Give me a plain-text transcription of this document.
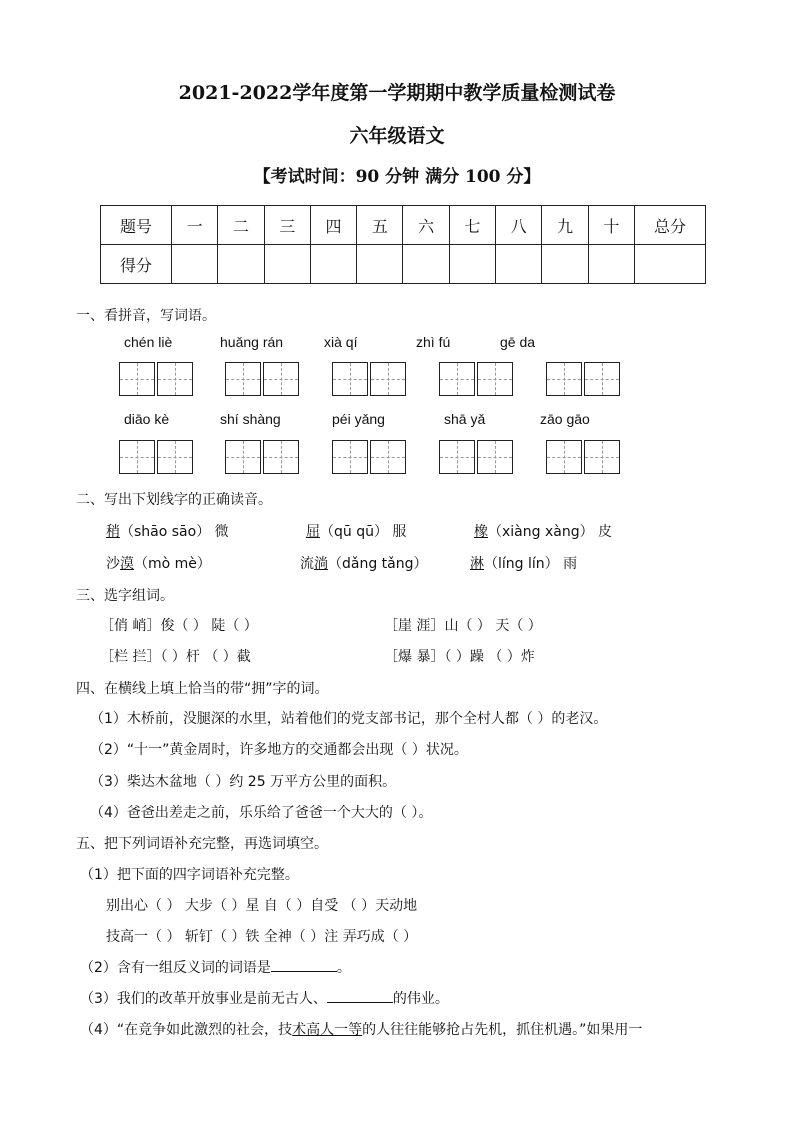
2021-2022学年度第一学期期中教学质量检测试卷
六年级语文
【考试时间：90 分钟 满分 100 分】
题号	一	二	三	四	五	六	七	八	九	十	总分
得分											
一、看拼音，写词语。
chén liè	huǎng rán	xià qí	zhì fú	gē da
diāo kè	shí shàng	péi yǎng	shā yǎ	zāo gāo
二、写出下划线字的正确读音。
稍（shāo sāo） 微	屈（qū qū） 服	橡（xiàng xàng） 皮
沙漠（mò mè）	流淌（dǎng tǎng）	淋（líng lín） 雨
三、选字组词。
［俏 峭］俊（ ） 陡（ ）	［崖 涯］山（ ） 天（ ）
［栏 拦］（ ）杆 （ ）截	［爆 暴］（ ）躁 （ ）炸
四、在横线上填上恰当的带“拥”字的词。
（1）木桥前，没腿深的水里，站着他们的党支部书记，那个全村人都（ ）的老汉。
（2）“十一”黄金周时，许多地方的交通都会出现（ ）状况。
（3）柴达木盆地（ ）约 25 万平方公里的面积。
（4）爸爸出差走之前，乐乐给了爸爸一个大大的（ ）。
五、把下列词语补充完整，再选词填空。
（1）把下面的四字词语补充完整。
别出心（ ） 大步（ ）星 自（ ）自受 （ ）天动地
技高一（ ） 斩钉（ ）铁 全神（ ）注 弄巧成（ ）
（2）含有一组反义词的词语是	。
（3）我们的改革开放事业是前无古人、	的伟业。
（4）“在竞争如此激烈的社会，技术高人一等的人往往能够抢占先机，抓住机遇。”如果用一
